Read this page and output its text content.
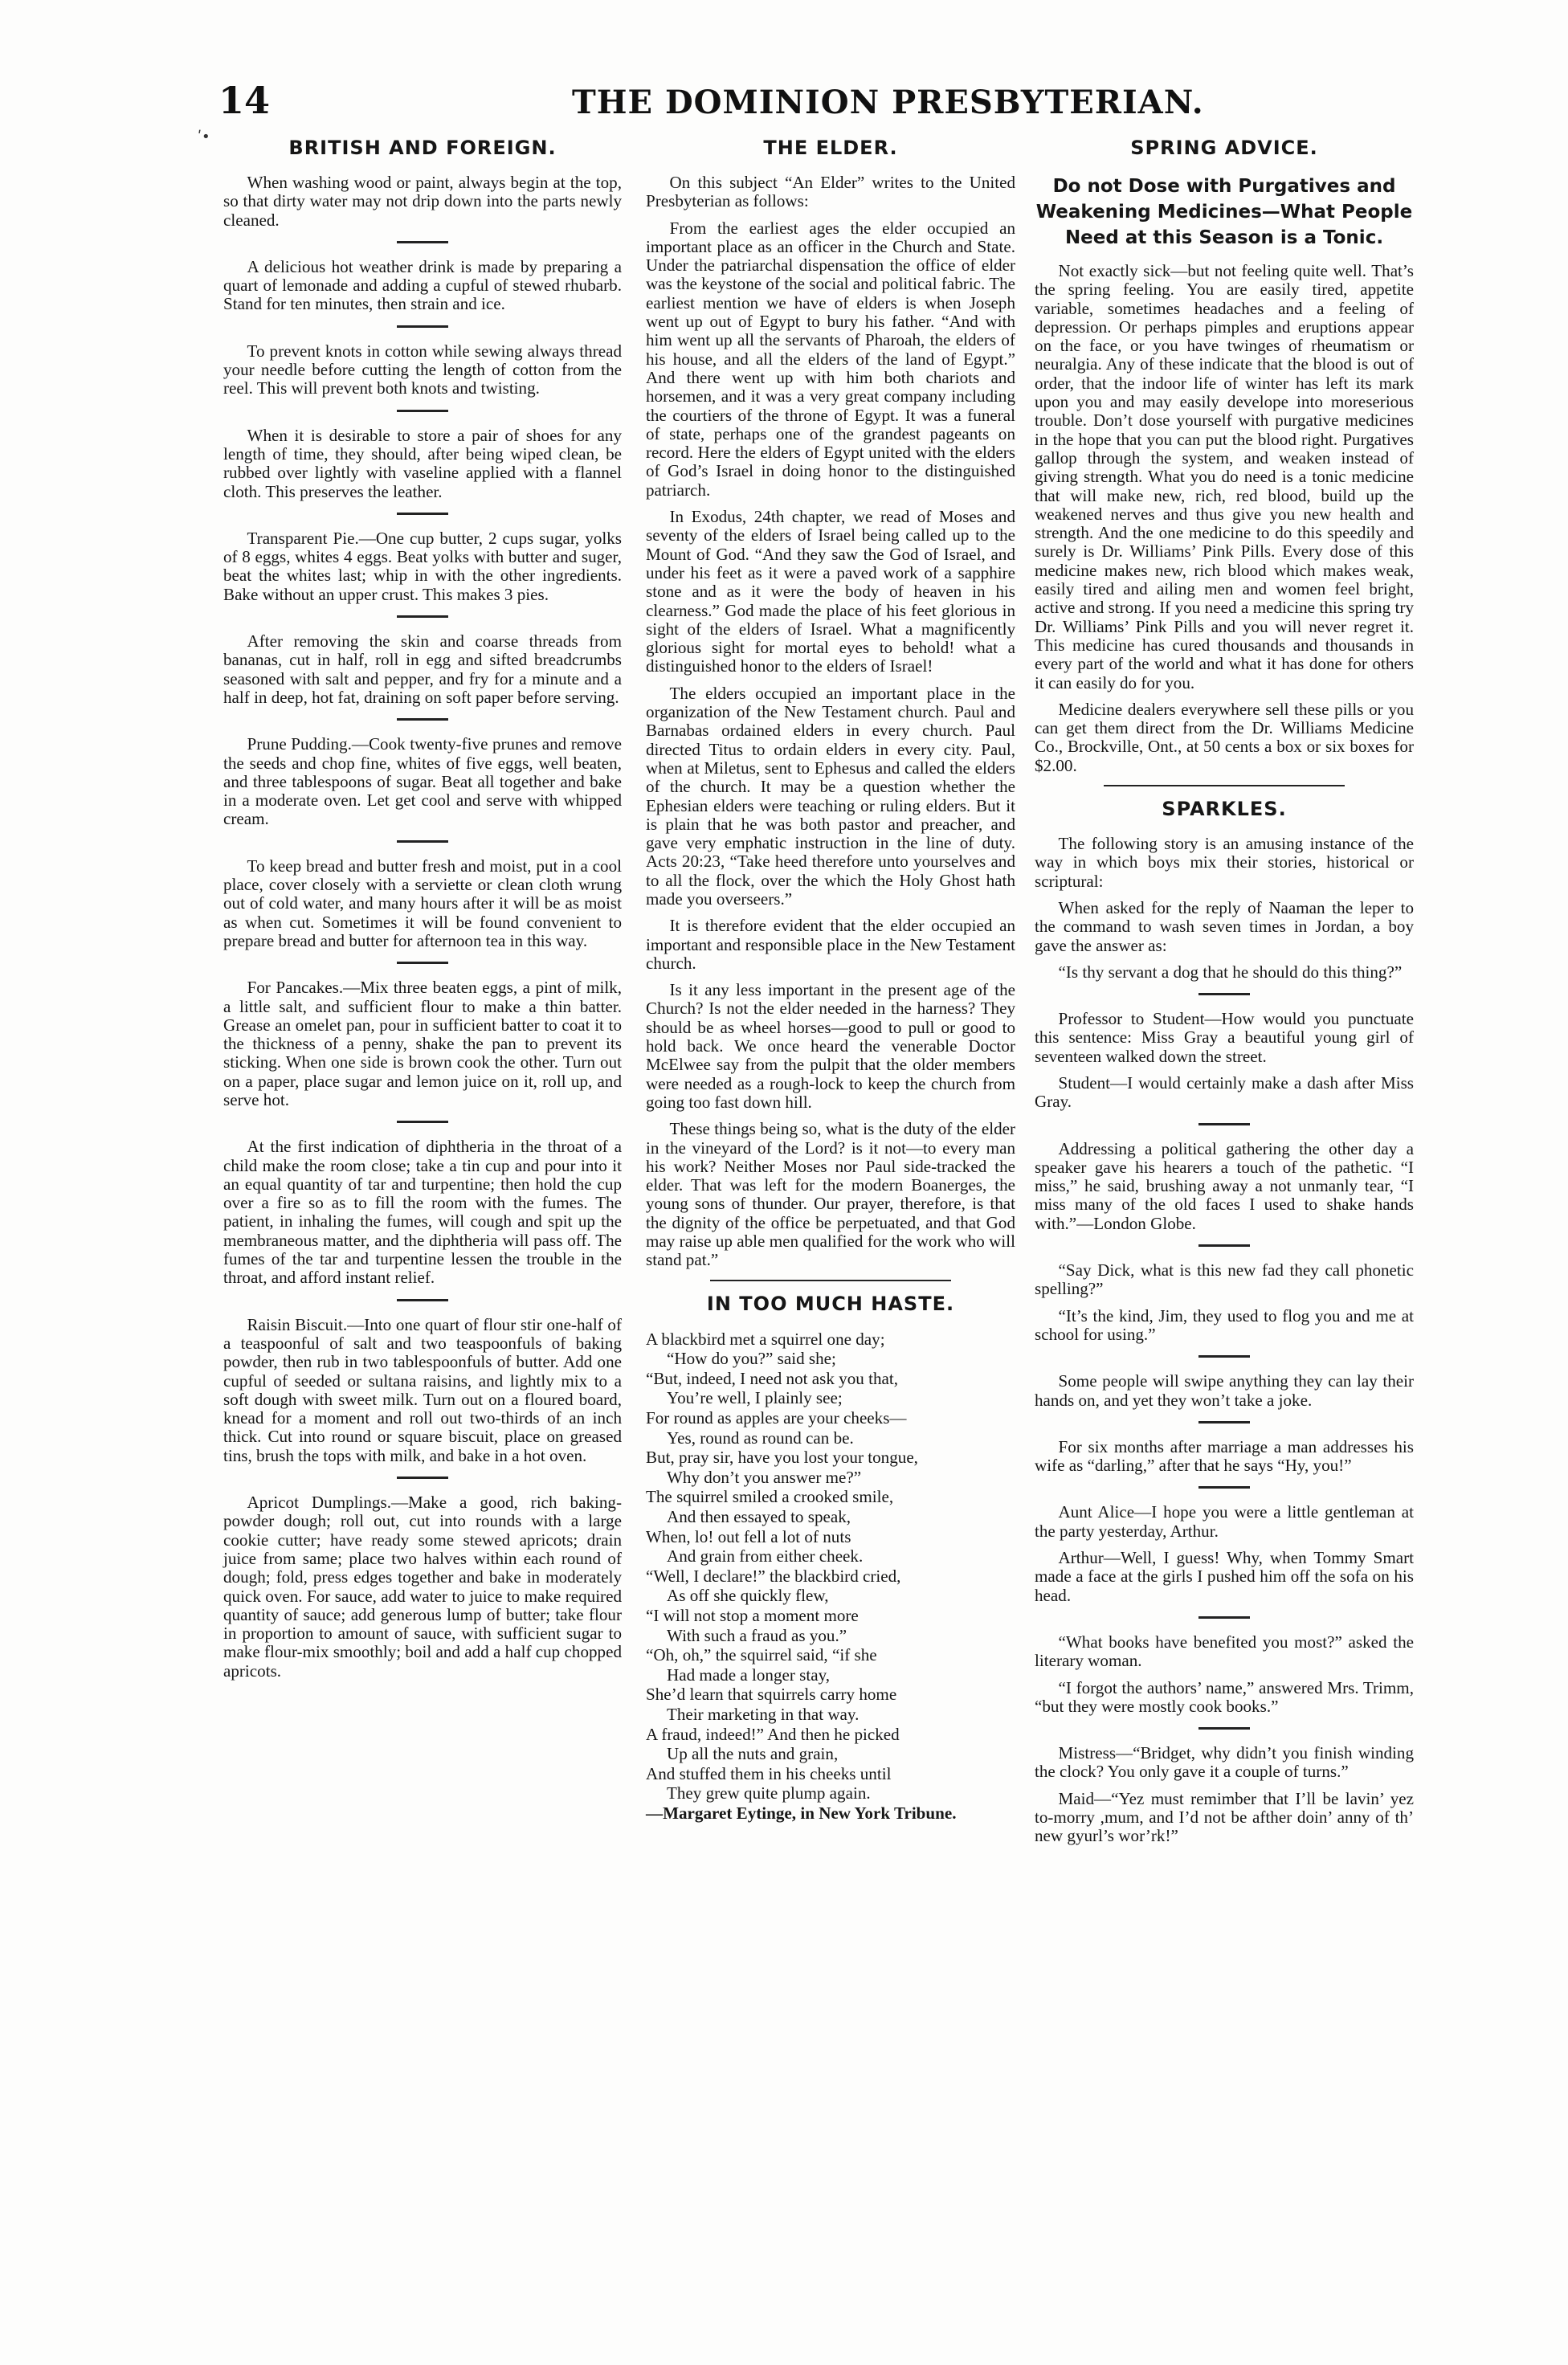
14	THE DOMINION PRESBYTERIAN.
ʹ•	BRITISH AND FOREIGN.

When washing wood or paint, always begin at the top, so that dirty water may not drip down into the parts newly cleaned.

A delicious hot weather drink is made by preparing a quart of lemonade and adding a cupful of stewed rhubarb. Stand for ten minutes, then strain and ice.

To prevent knots in cotton while sewing always thread your needle before cutting the length of cotton from the reel. This will prevent both knots and twisting.

When it is desirable to store a pair of shoes for any length of time, they should, after being wiped clean, be rubbed over lightly with vaseline applied with a flannel cloth. This preserves the leather.

Transparent Pie.—One cup butter, 2 cups sugar, yolks of 8 eggs, whites 4 eggs. Beat yolks with butter and suger, beat the whites last; whip in with the other ingredients. Bake without an upper crust. This makes 3 pies.

After removing the skin and coarse threads from bananas, cut in half, roll in egg and sifted breadcrumbs seasoned with salt and pepper, and fry for a minute and a half in deep, hot fat, draining on soft paper before serving.

Prune Pudding.—Cook twenty-five prunes and remove the seeds and chop fine, whites of five eggs, well beaten, and three tablespoons of sugar. Beat all together and bake in a moderate oven. Let get cool and serve with whipped cream.

To keep bread and butter fresh and moist, put in a cool place, cover closely with a serviette or clean cloth wrung out of cold water, and many hours after it will be as moist as when cut. Sometimes it will be found convenient to prepare bread and butter for afternoon tea in this way.

For Pancakes.—Mix three beaten eggs, a pint of milk, a little salt, and sufficient flour to make a thin batter. Grease an omelet pan, pour in sufficient batter to coat it to the thickness of a penny, shake the pan to prevent its sticking. When one side is brown cook the other. Turn out on a paper, place sugar and lemon juice on it, roll up, and serve hot.

At the first indication of diphtheria in the throat of a child make the room close; take a tin cup and pour into it an equal quantity of tar and turpentine; then hold the cup over a fire so as to fill the room with the fumes. The patient, in inhaling the fumes, will cough and spit up the membraneous matter, and the diphtheria will pass off. The fumes of the tar and turpentine lessen the trouble in the throat, and afford instant relief.

Raisin Biscuit.—Into one quart of flour stir one-half of a teaspoonful of salt and two teaspoonfuls of baking powder, then rub in two tablespoonfuls of butter. Add one cupful of seeded or sultana raisins, and lightly mix to a soft dough with sweet milk. Turn out on a floured board, knead for a moment and roll out two-thirds of an inch thick. Cut into round or square biscuit, place on greased tins, brush the tops with milk, and bake in a hot oven.

Apricot Dumplings.—Make a good, rich baking-powder dough; roll out, cut into rounds with a large cookie cutter; have ready some stewed apricots; drain juice from same; place two halves within each round of dough; fold, press edges together and bake in moderately quick oven. For sauce, add water to juice to make required quantity of sauce; add generous lump of butter; take flour in proportion to amount of sauce, with sufficient sugar to make flour-mix smoothly; boil and add a half cup chopped apricots.

THE ELDER.

On this subject “An Elder” writes to the United Presbyterian as follows:

From the earliest ages the elder occupied an important place as an officer in the Church and State. Under the patriarchal dispensation the office of elder was the keystone of the social and political fabric. The earliest mention we have of elders is when Joseph went up out of Egypt to bury his father. “And with him went up all the servants of Pharoah, the elders of his house, and all the elders of the land of Egypt.” And there went up with him both chariots and horsemen, and it was a very great company including the courtiers of the throne of Egypt. It was a funeral of state, perhaps one of the grandest pageants on record. Here the elders of Egypt united with the elders of God’s Israel in doing honor to the distinguished patriarch.

In Exodus, 24th chapter, we read of Moses and seventy of the elders of Israel being called up to the Mount of God. “And they saw the God of Israel, and under his feet as it were a paved work of a sapphire stone and as it were the body of heaven in his clearness.” God made the place of his feet glorious in sight of the elders of Israel. What a magnificently glorious sight for mortal eyes to behold! what a distinguished honor to the elders of Israel!

The elders occupied an important place in the organization of the New Testament church. Paul and Barnabas ordained elders in every church. Paul directed Titus to ordain elders in every city. Paul, when at Miletus, sent to Ephesus and called the elders of the church. It may be a question whether the Ephesian elders were teaching or ruling elders. But it is plain that he was both pastor and preacher, and gave very emphatic instruction in the line of duty. Acts 20:23, “Take heed therefore unto yourselves and to all the flock, over the which the Holy Ghost hath made you overseers.”

It is therefore evident that the elder occupied an important and responsible place in the New Testament church.

Is it any less important in the present age of the Church? Is not the elder needed in the harness? They should be as wheel horses—good to pull or good to hold back. We once heard the venerable Doctor McElwee say from the pulpit that the older members were needed as a rough-lock to keep the church from going too fast down hill.

These things being so, what is the duty of the elder in the vineyard of the Lord? is it not—to every man his work? Neither Moses nor Paul side-tracked the elder. That was left for the modern Boanerges, the young sons of thunder. Our prayer, therefore, is that the dignity of the office be perpetuated, and that God may raise up able men qualified for the work who will stand pat.”

IN TOO MUCH HASTE.
A blackbird met a squirrel one day;
“How do you?” said she;
“But, indeed, I need not ask you that,
You’re well, I plainly see;
For round as apples are your cheeks—
Yes, round as round can be.
But, pray sir, have you lost your tongue,
Why don’t you answer me?”
The squirrel smiled a crooked smile,
And then essayed to speak,
When, lo! out fell a lot of nuts
And grain from either cheek.
“Well, I declare!” the blackbird cried,
As off she quickly flew,
“I will not stop a moment more
With such a fraud as you.”
“Oh, oh,” the squirrel said, “if she
Had made a longer stay,
She’d learn that squirrels carry home
Their marketing in that way.
A fraud, indeed!” And then he picked
Up all the nuts and grain,
And stuffed them in his cheeks until
They grew quite plump again.
—Margaret Eytinge, in New York Tribune.
SPRING ADVICE.
Do not Dose with Purgatives and Weakening Medicines—What People Need at this Season is a Tonic.

Not exactly sick—but not feeling quite well. That’s the spring feeling. You are easily tired, appetite variable, sometimes headaches and a feeling of depression. Or perhaps pimples and eruptions appear on the face, or you have twinges of rheumatism or neuralgia. Any of these indicate that the blood is out of order, that the indoor life of winter has left its mark upon you and may easily develope into moreserious trouble. Don’t dose yourself with purgative medicines in the hope that you can put the blood right. Purgatives gallop through the system, and weaken instead of giving strength. What you do need is a tonic medicine that will make new, rich, red blood, build up the weakened nerves and thus give you new health and strength. And the one medicine to do this speedily and surely is Dr. Williams’ Pink Pills. Every dose of this medicine makes new, rich blood which makes weak, easily tired and ailing men and women feel bright, active and strong. If you need a medicine this spring try Dr. Williams’ Pink Pills and you will never regret it. This medicine has cured thousands and thousands in every part of the world and what it has done for others it can easily do for you.

Medicine dealers everywhere sell these pills or you can get them direct from the Dr. Williams Medicine Co., Brockville, Ont., at 50 cents a box or six boxes for $2.00.

SPARKLES.

The following story is an amusing instance of the way in which boys mix their stories, historical or scriptural:

When asked for the reply of Naaman the leper to the command to wash seven times in Jordan, a boy gave the answer as:

“Is thy servant a dog that he should do this thing?”

Professor to Student—How would you punctuate this sentence: Miss Gray a beautiful young girl of seventeen walked down the street.

Student—I would certainly make a dash after Miss Gray.

Addressing a political gathering the other day a speaker gave his hearers a touch of the pathetic. “I miss,” he said, brushing away a not unmanly tear, “I miss many of the old faces I used to shake hands with.”—London Globe.

“Say Dick, what is this new fad they call phonetic spelling?”

“It’s the kind, Jim, they used to flog you and me at school for using.”

Some people will swipe anything they can lay their hands on, and yet they won’t take a joke.

For six months after marriage a man addresses his wife as “darling,” after that he says “Hy, you!”

Aunt Alice—I hope you were a little gentleman at the party yesterday, Arthur.

Arthur—Well, I guess! Why, when Tommy Smart made a face at the girls I pushed him off the sofa on his head.

“What books have benefited you most?” asked the literary woman.

“I forgot the authors’ name,” answered Mrs. Trimm, “but they were mostly cook books.”

Mistress—“Bridget, why didn’t you finish winding the clock? You only gave it a couple of turns.”

Maid—“Yez must remimber that I’ll be lavin’ yez to-morry ,mum, and I’d not be afther doin’ anny of th’ new gyurl’s wor’rk!”
